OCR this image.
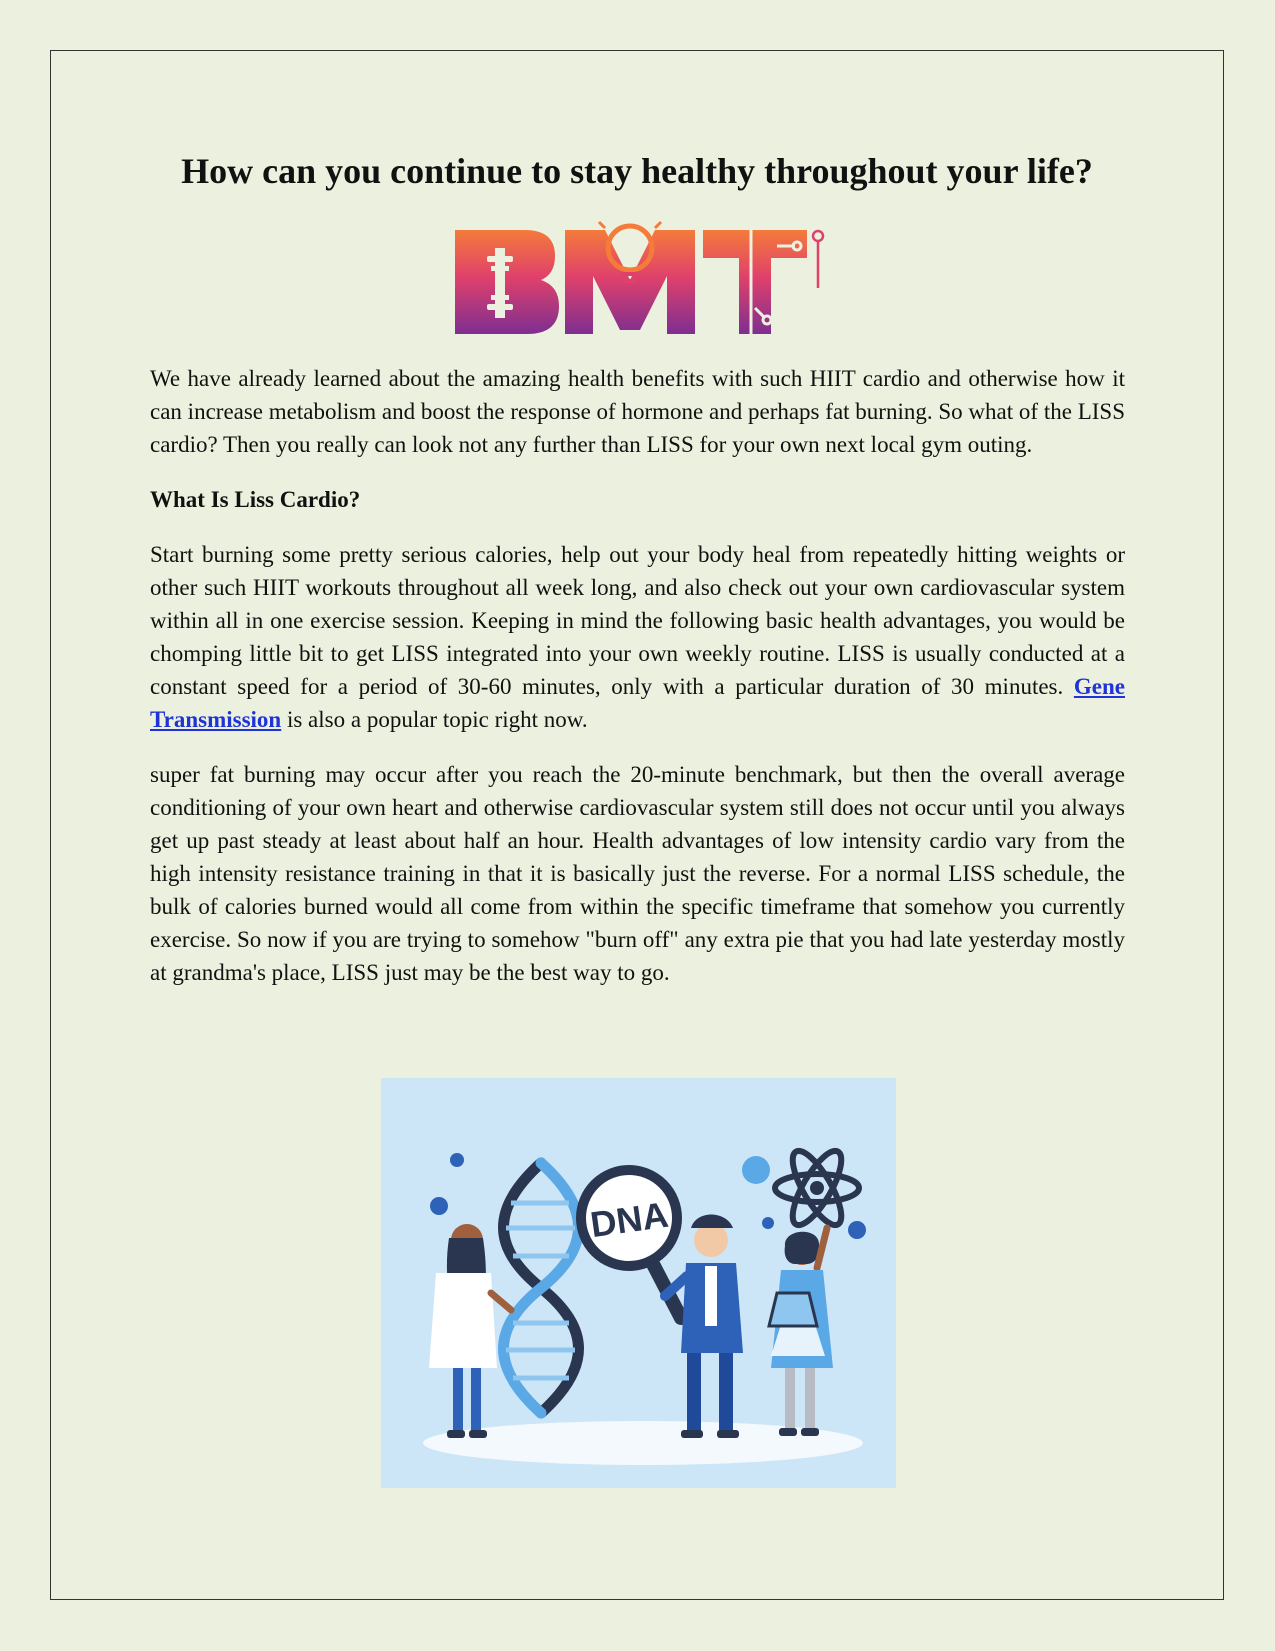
How can you continue to stay healthy throughout your life?

We have already learned about the amazing health benefits with such HIIT cardio and otherwise how it can increase metabolism and boost the response of hormone and perhaps fat burning. So what of the LISS cardio? Then you really can look not any further than LISS for your own next local gym outing.

What Is Liss Cardio?

Start burning some pretty serious calories, help out your body heal from repeatedly hitting weights or other such HIIT workouts throughout all week long, and also check out your own cardiovascular system within all in one exercise session. Keeping in mind the following basic health advantages, you would be chomping little bit to get LISS integrated into your own weekly routine. LISS is usually conducted at a constant speed for a period of 30-60 minutes, only with a particular duration of 30 minutes. Gene Transmission is also a popular topic right now.

super fat burning may occur after you reach the 20-minute benchmark, but then the overall average conditioning of your own heart and otherwise cardiovascular system still does not occur until you always get up past steady at least about half an hour. Health advantages of low intensity cardio vary from the high intensity resistance training in that it is basically just the reverse. For a normal LISS schedule, the bulk of calories burned would all come from within the specific timeframe that somehow you currently exercise. So now if you are trying to somehow "burn off" any extra pie that you had late yesterday mostly at grandma's place, LISS just may be the best way to go.

DNA
